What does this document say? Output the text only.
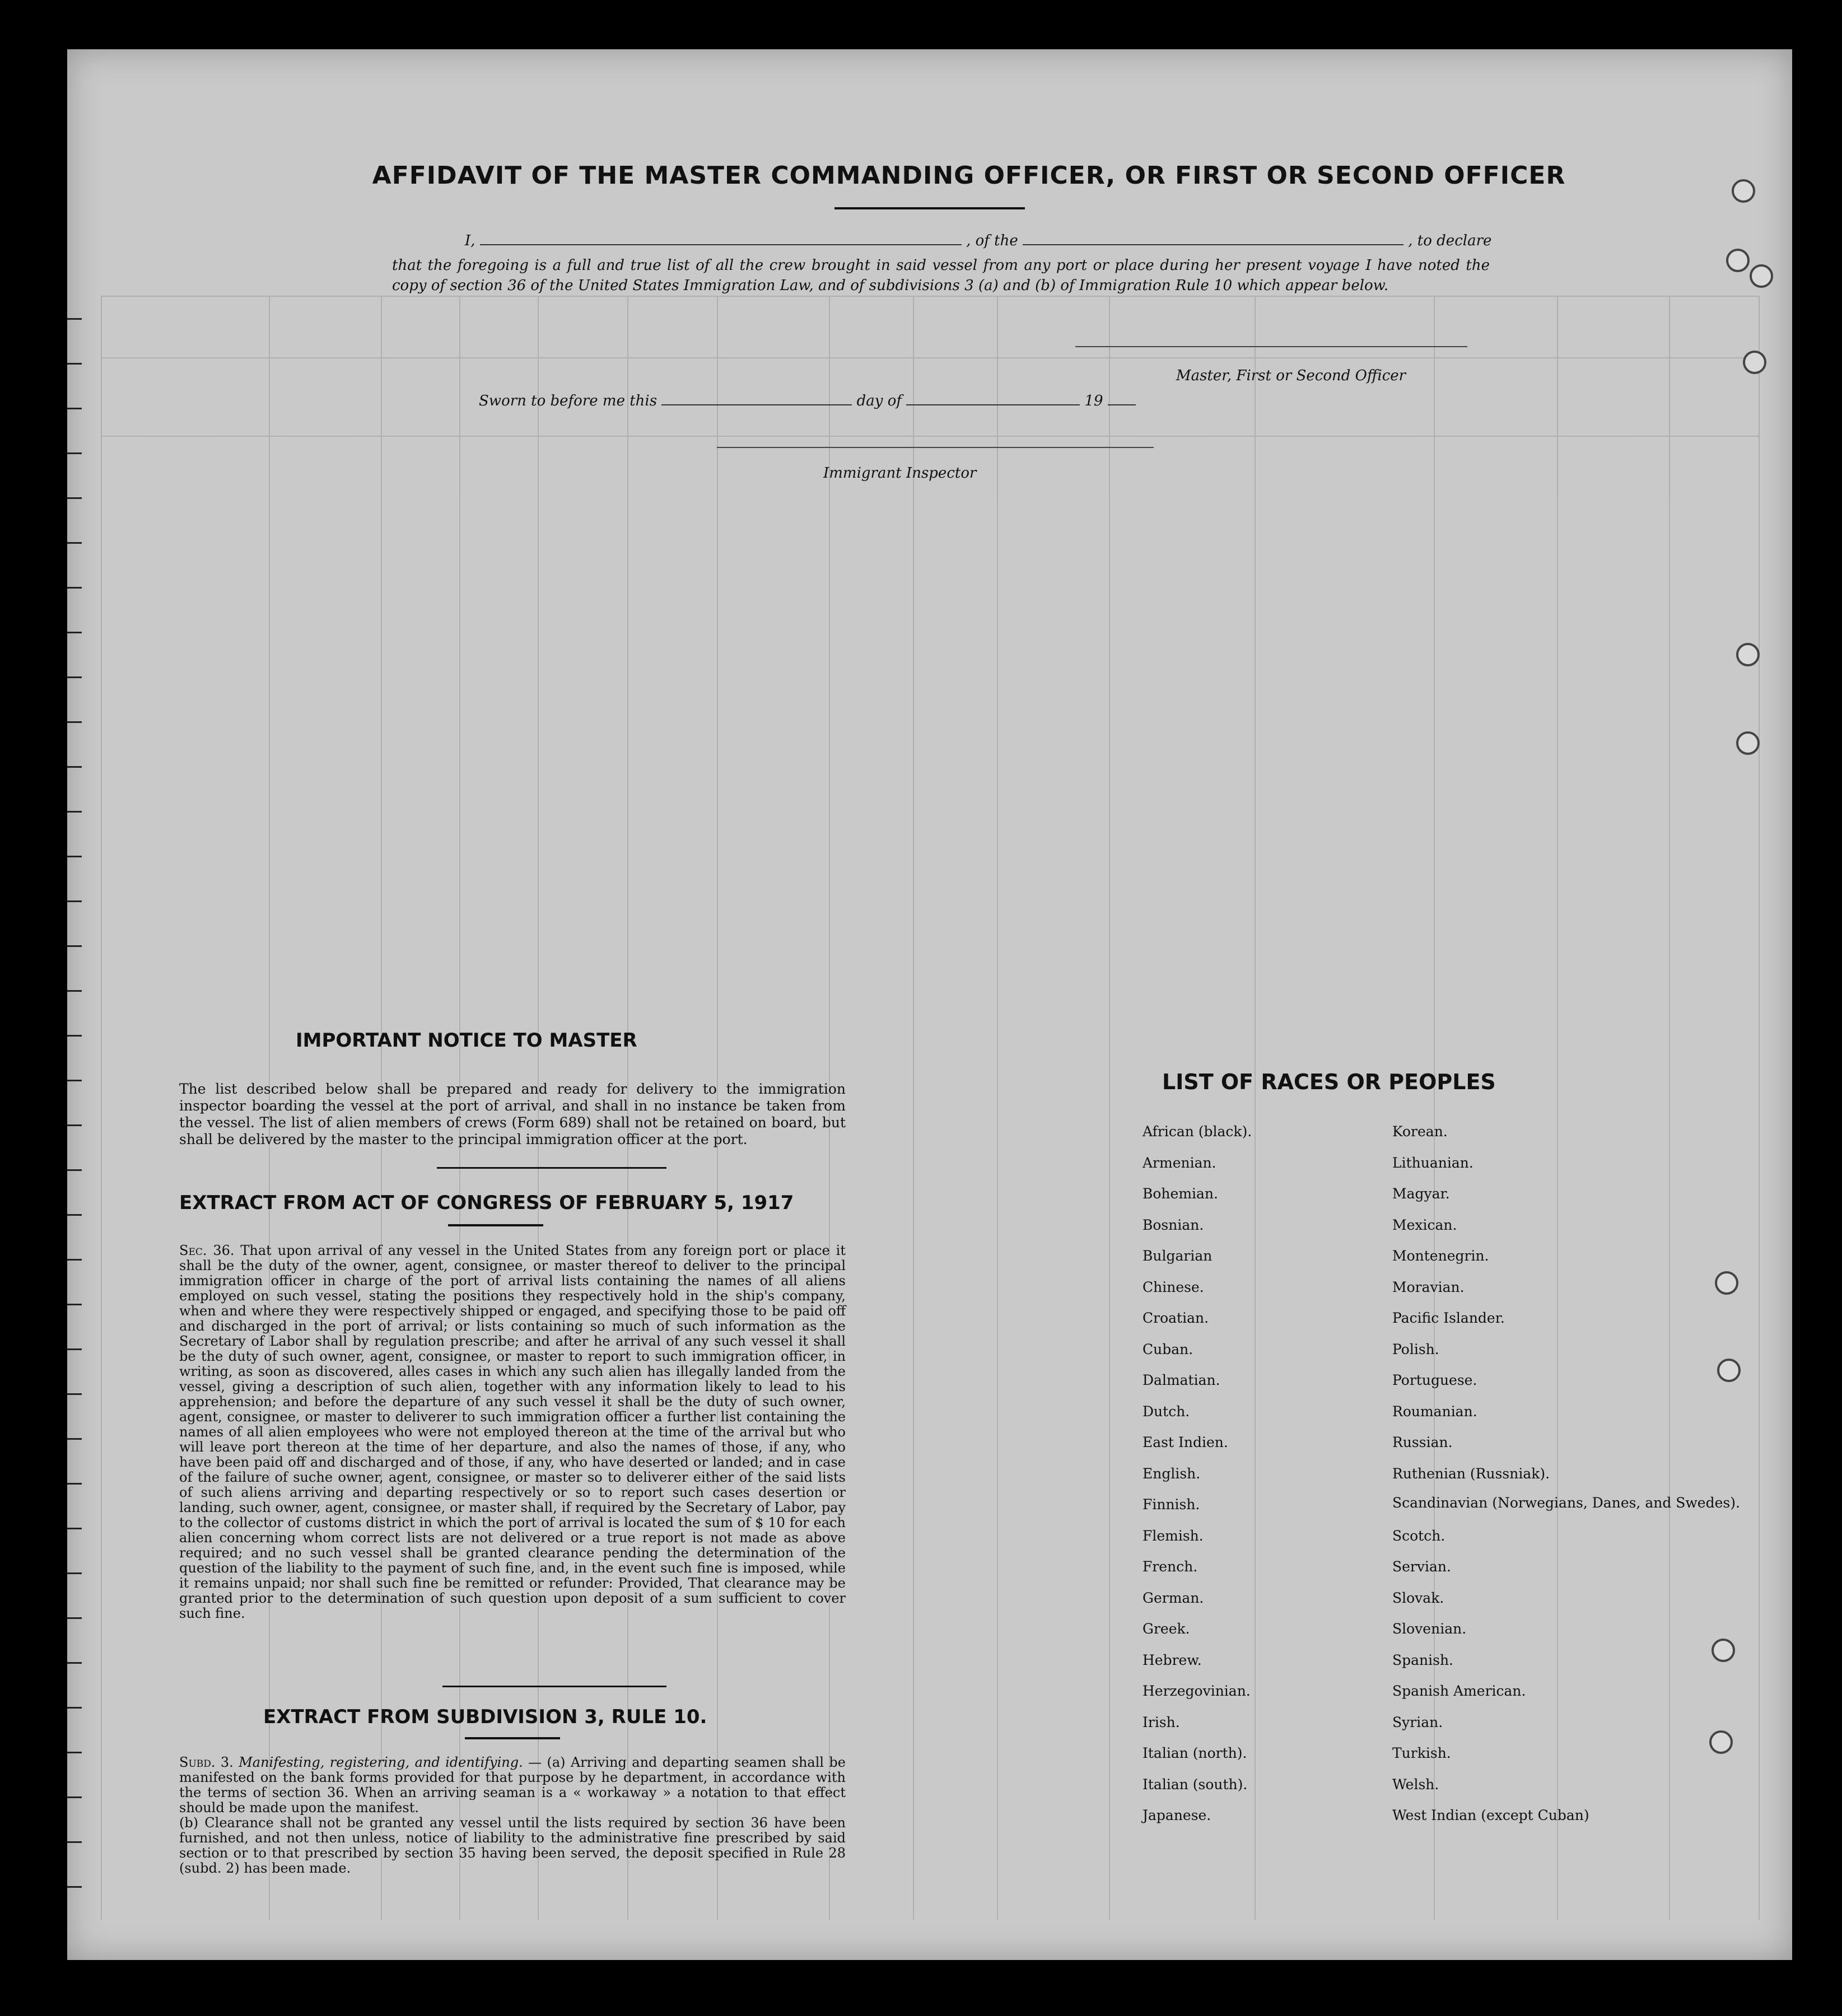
AFFIDAVIT OF THE MASTER COMMANDING OFFICER, OR FIRST OR SECOND OFFICER
I,	, of the	, to declare
that the foregoing is a full and true list of all the crew brought in said vessel from any port or place during her present voyage I have noted the copy of section 36 of the United States Immigration Law, and of subdivisions 3 (a) and (b) of Immigration Rule 10 which appear below.
Master, First or Second Officer
Sworn to before me this	day of	19
Immigrant Inspector
IMPORTANT NOTICE TO MASTER
The list described below shall be prepared and ready for delivery to the immigration inspector boarding the vessel at the port of arrival, and shall in no instance be taken from the vessel. The list of alien members of crews (Form 689) shall not be retained on board, but shall be delivered by the master to the principal immigration officer at the port.
EXTRACT FROM ACT OF CONGRESS OF FEBRUARY 5, 1917
Sec. 36. That upon arrival of any vessel in the United States from any foreign port or place it shall be the duty of the owner, agent, consignee, or master thereof to deliver to the principal immigration officer in charge of the port of arrival lists containing the names of all aliens employed on such vessel, stating the positions they respectively hold in the ship's company, when and where they were respectively shipped or engaged, and specifying those to be paid off and discharged in the port of arrival; or lists containing so much of such information as the Secretary of Labor shall by regulation prescribe; and after he arrival of any such vessel it shall be the duty of such owner, agent, consignee, or master to report to such immigration officer, in writing, as soon as discovered, alles cases in which any such alien has illegally landed from the vessel, giving a description of such alien, together with any information likely to lead to his apprehension; and before the departure of any such vessel it shall be the duty of such owner, agent, consignee, or master to deliverer to such immigration officer a further list containing the names of all alien employees who were not employed thereon at the time of the arrival but who will leave port thereon at the time of her departure, and also the names of those, if any, who have been paid off and discharged and of those, if any, who have deserted or landed; and in case of the failure of suche owner, agent, consignee, or master so to deliverer either of the said lists of such aliens arriving and departing respectively or so to report such cases desertion or landing, such owner, agent, consignee, or master shall, if required by the Secretary of Labor, pay to the collector of customs district in which the port of arrival is located the sum of $ 10 for each alien concerning whom correct lists are not delivered or a true report is not made as above required; and no such vessel shall be granted clearance pending the determination of the question of the liability to the payment of such fine, and, in the event such fine is imposed, while it remains unpaid; nor shall such fine be remitted or refunder: Provided, That clearance may be granted prior to the determination of such question upon deposit of a sum sufficient to cover such fine.
EXTRACT FROM SUBDIVISION 3, RULE 10.
Subd. 3. Manifesting, registering, and identifying. — (a) Arriving and departing seamen shall be manifested on the bank forms provided for that purpose by he department, in accordance with the terms of section 36. When an arriving seaman is a « workaway » a notation to that effect should be made upon the manifest.
(b) Clearance shall not be granted any vessel until the lists required by section 36 have been furnished, and not then unless, notice of liability to the administrative fine prescribed by said section or to that prescribed by section 35 having been served, the deposit specified in Rule 28 (subd. 2) has been made.
LIST OF RACES OR PEOPLES
African (black).
Armenian.
Bohemian.
Bosnian.
Bulgarian
Chinese.
Croatian.
Cuban.
Dalmatian.
Dutch.
East Indien.
English.
Finnish.
Flemish.
French.
German.
Greek.
Hebrew.
Herzegovinian.
Irish.
Italian (north).
Italian (south).
Japanese.
Korean.
Lithuanian.
Magyar.
Mexican.
Montenegrin.
Moravian.
Pacific Islander.
Polish.
Portuguese.
Roumanian.
Russian.
Ruthenian (Russniak).
Scandinavian (Norwegians, Danes, and Swedes).
Scotch.
Servian.
Slovak.
Slovenian.
Spanish.
Spanish American.
Syrian.
Turkish.
Welsh.
West Indian (except Cuban)
